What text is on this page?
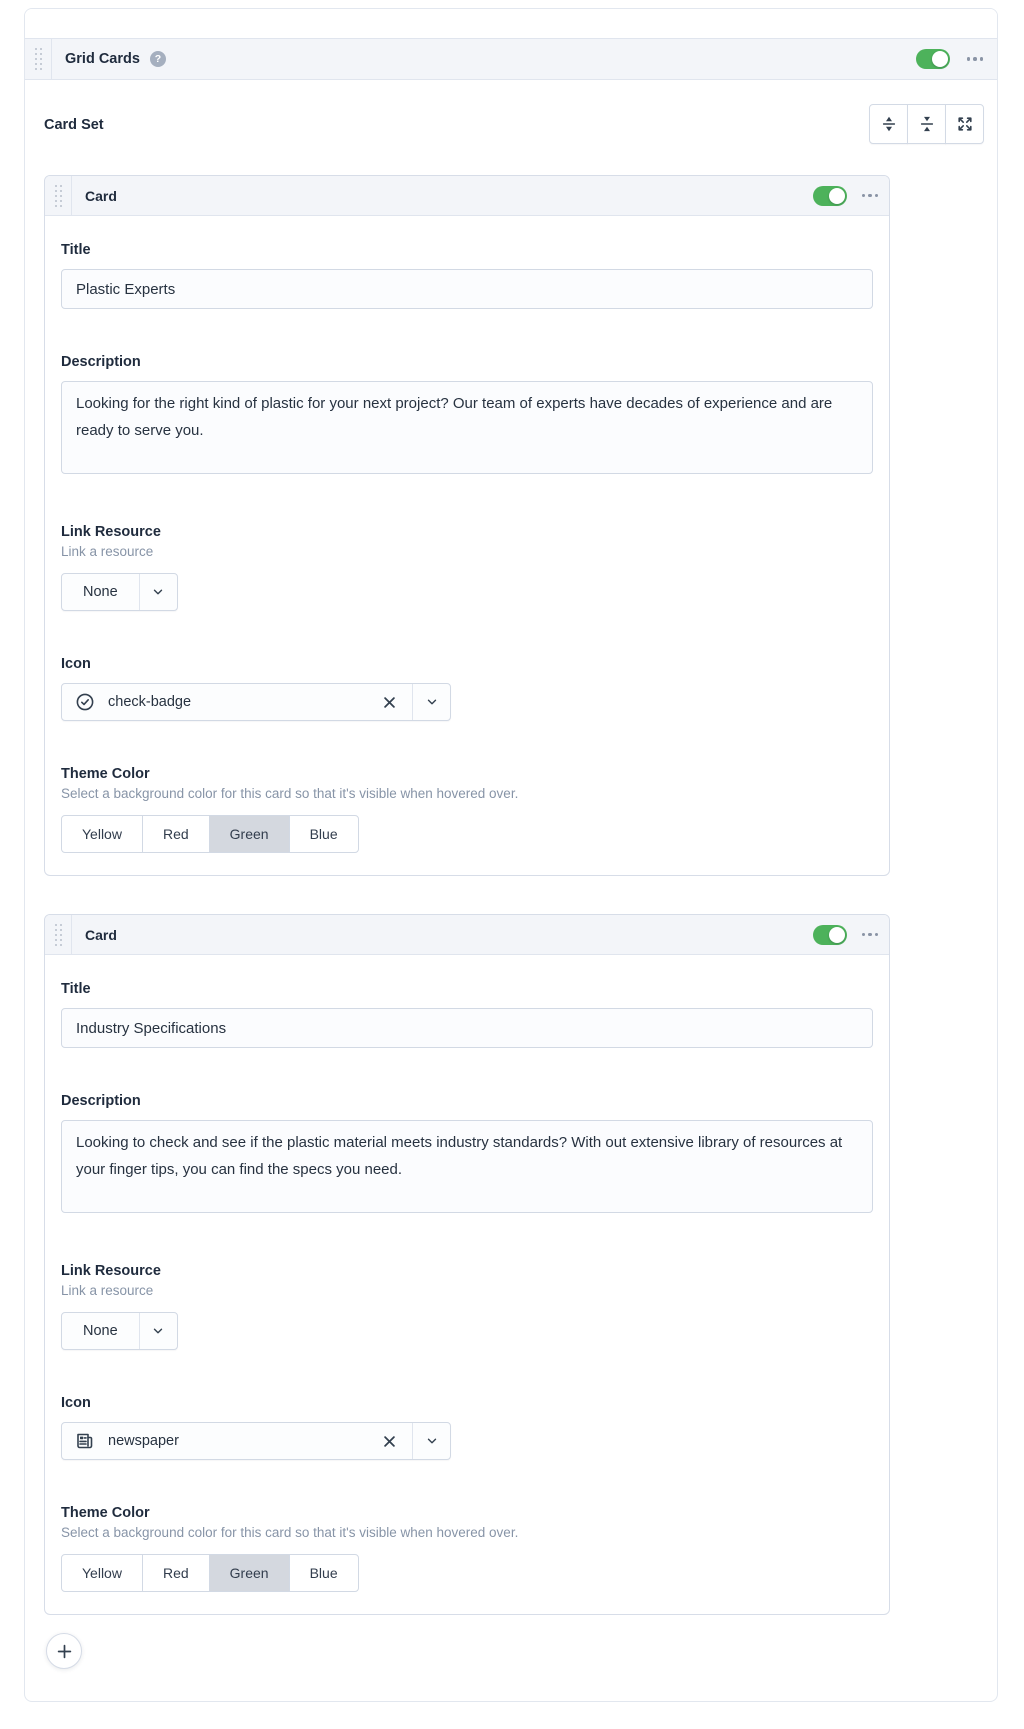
Grid Cards	?
Card Set
Card
Title
Plastic Experts
Description
Looking for the right kind of plastic for your next project? Our team of experts have decades of experience and are ready to serve you.
Link Resource
Link a resource
None
Icon
check-badge
Theme Color
Select a background color for this card so that it's visible when hovered over.
Yellow	Red	Green	Blue
Card
Title
Industry Specifications
Description
Looking to check and see if the plastic material meets industry standards? With out extensive library of resources at your finger tips, you can find the specs you need.
Link Resource
Link a resource
None
Icon
newspaper
Theme Color
Select a background color for this card so that it's visible when hovered over.
Yellow	Red	Green	Blue
